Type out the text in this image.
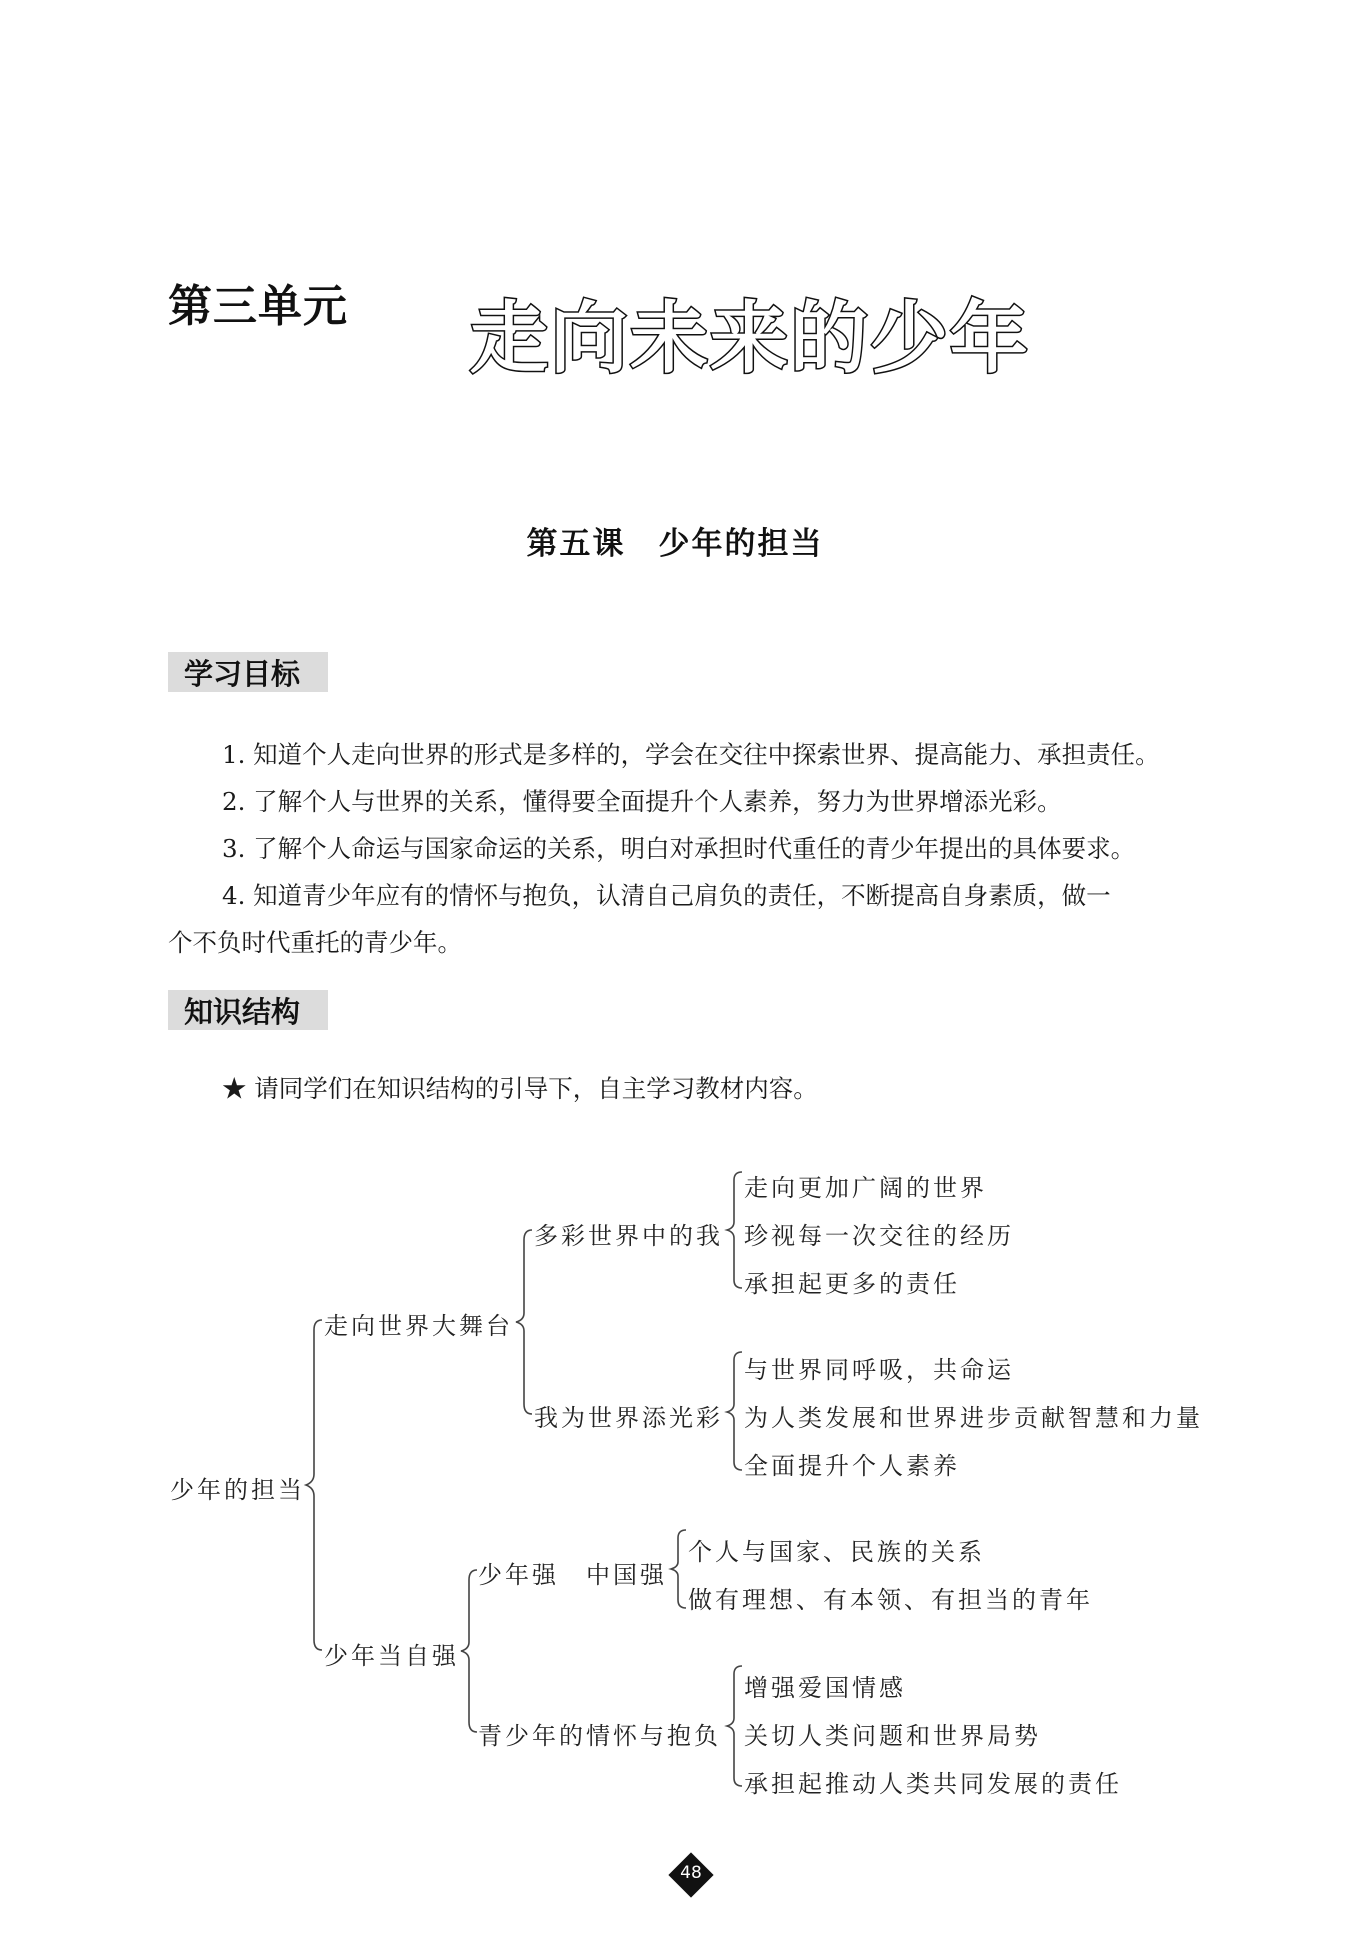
第三单元 走向未来的少年
第五课　少年的担当
学习目标
1. 知道个人走向世界的形式是多样的，学会在交往中探索世界、提高能力、承担责任。
2. 了解个人与世界的关系，懂得要全面提升个人素养，努力为世界增添光彩。
3. 了解个人命运与国家命运的关系，明白对承担时代重任的青少年提出的具体要求。
4. 知道青少年应有的情怀与抱负，认清自己肩负的责任，不断提高自身素质，做一
个不负时代重托的青少年。
知识结构
★ 请同学们在知识结构的引导下，自主学习教材内容。
少年的担当
走向世界大舞台
多彩世界中的我
走向更加广阔的世界
珍视每一次交往的经历
承担起更多的责任
我为世界添光彩
与世界同呼吸，共命运
为人类发展和世界进步贡献智慧和力量
全面提升个人素养
少年当自强
少年强　中国强
个人与国家、民族的关系
做有理想、有本领、有担当的青年
青少年的情怀与抱负
增强爱国情感
关切人类问题和世界局势
承担起推动人类共同发展的责任
48
